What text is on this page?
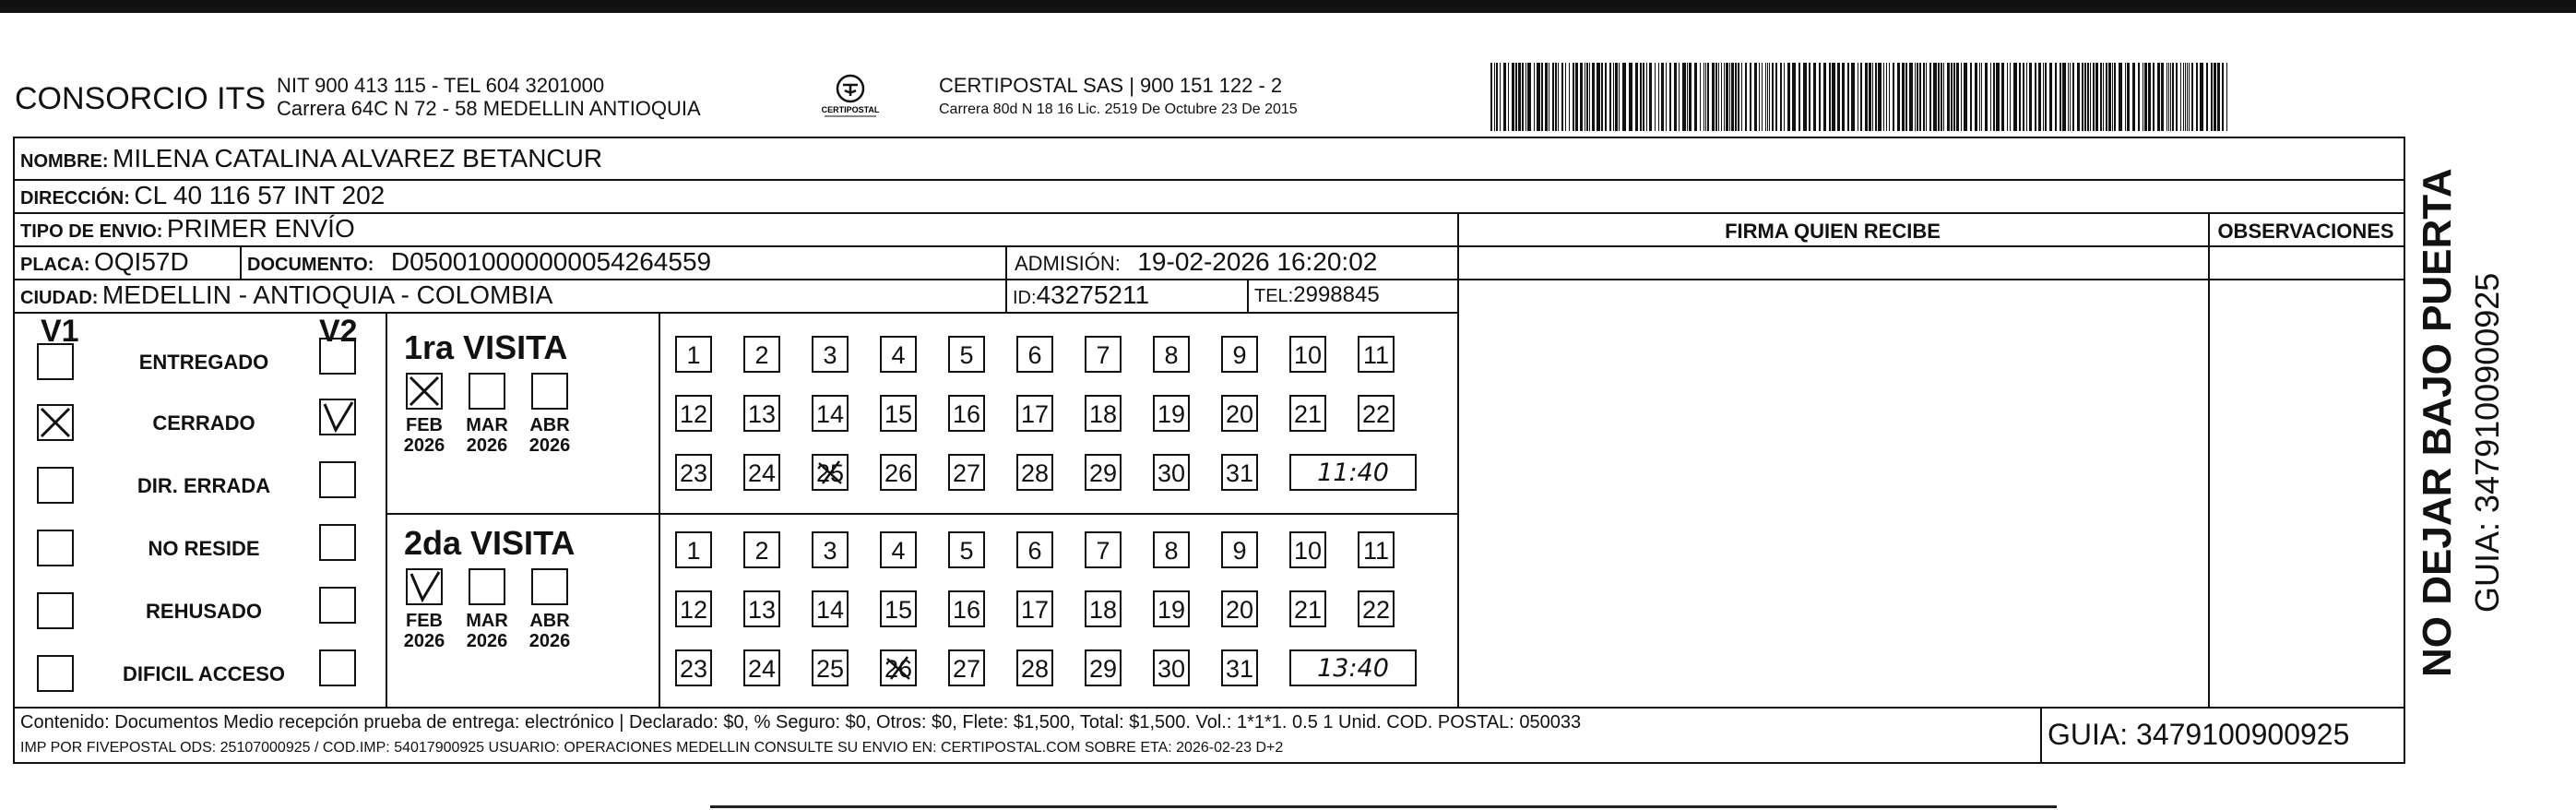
CONSORCIO ITS NIT 900 413 115 - TEL 604 3201000
Carrera 64C N 72 - 58 MEDELLIN ANTIOQUIA	CERTIPOSTAL
CERTIPOSTAL SAS | 900 151 122 - 2
Carrera 80d N 18 16 Lic. 2519 De Octubre 23 De 2015
NOMBRE: MILENA CATALINA ALVAREZ BETANCUR
DIRECCIÓN: CL 40 116 57 INT 202
TIPO DE ENVIO: PRIMER ENVÍO	FIRMA QUIEN RECIBE	OBSERVACIONES
PLACA: OQI57D	DOCUMENTO: D050010000000054264559	ADMISIÓN: 19-02-2026 16:20:02
CIUDAD: MEDELLIN - ANTIOQUIA - COLOMBIA	ID:43275211	TEL:2998845
V1	V2
ENTREGADO
CERRADO
DIR. ERRADA
NO RESIDE
REHUSADO
DIFICIL ACCESO
1ra VISITA
2da VISITA
FEB
2026
MAR
2026
ABR
2026
1	2	3	4	5	6	7	8	9	10 11
12 13 14 15 16 17 18 19 20 21 22
23 24 25 26 27 28 29 30 31	11:40
FEB
2026
MAR
2026
ABR
2026
1	2	3	4	5	6	7	8	9	10 11
12 13 14 15 16 17 18 19 20 21 22
23 24 25 26 27 28 29 30 31	13:40
Contenido: Documentos Medio recepción prueba de entrega: electrónico | Declarado: $0, % Seguro: $0, Otros: $0, Flete: $1,500, Total: $1,500. Vol.: 1*1*1. 0.5 1 Unid. COD. POSTAL: 050033
IMP POR FIVEPOSTAL ODS: 25107000925 / COD.IMP: 54017900925 USUARIO: OPERACIONES MEDELLIN CONSULTE SU ENVIO EN: CERTIPOSTAL.COM SOBRE ETA: 2026-02-23 D+2	GUIA: 3479100900925
NO DEJAR BAJO PUERTA GUIA: 3479100900925
